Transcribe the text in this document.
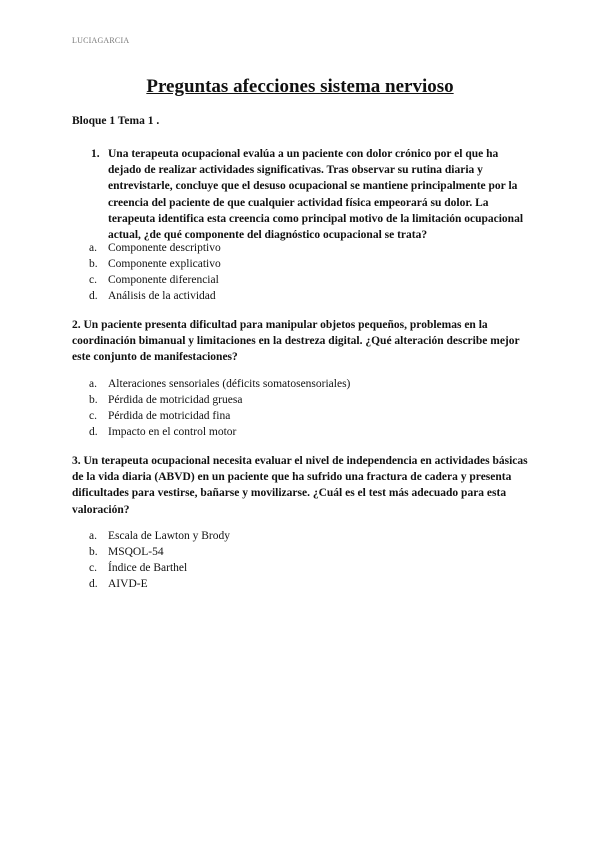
LUCIAGARCIA
Preguntas afecciones sistema nervioso
Bloque 1 Tema 1 .
1. Una terapeuta ocupacional evalúa a un paciente con dolor crónico por el que ha dejado de realizar actividades significativas. Tras observar su rutina diaria y entrevistarle, concluye que el desuso ocupacional se mantiene principalmente por la creencia del paciente de que cualquier actividad física empeorará su dolor. La terapeuta identifica esta creencia como principal motivo de la limitación ocupacional actual, ¿de qué componente del diagnóstico ocupacional se trata?
a. Componente descriptivo
b. Componente explicativo
c. Componente diferencial
d. Análisis de la actividad
2. Un paciente presenta dificultad para manipular objetos pequeños, problemas en la coordinación bimanual y limitaciones en la destreza digital. ¿Qué alteración describe mejor este conjunto de manifestaciones?
a. Alteraciones sensoriales (déficits somatosensoriales)
b. Pérdida de motricidad gruesa
c. Pérdida de motricidad fina
d. Impacto en el control motor
3. Un terapeuta ocupacional necesita evaluar el nivel de independencia en actividades básicas de la vida diaria (ABVD) en un paciente que ha sufrido una fractura de cadera y presenta dificultades para vestirse, bañarse y movilizarse. ¿Cuál es el test más adecuado para esta valoración?
a. Escala de Lawton y Brody
b. MSQOL-54
c. Índice de Barthel
d. AIVD-E
